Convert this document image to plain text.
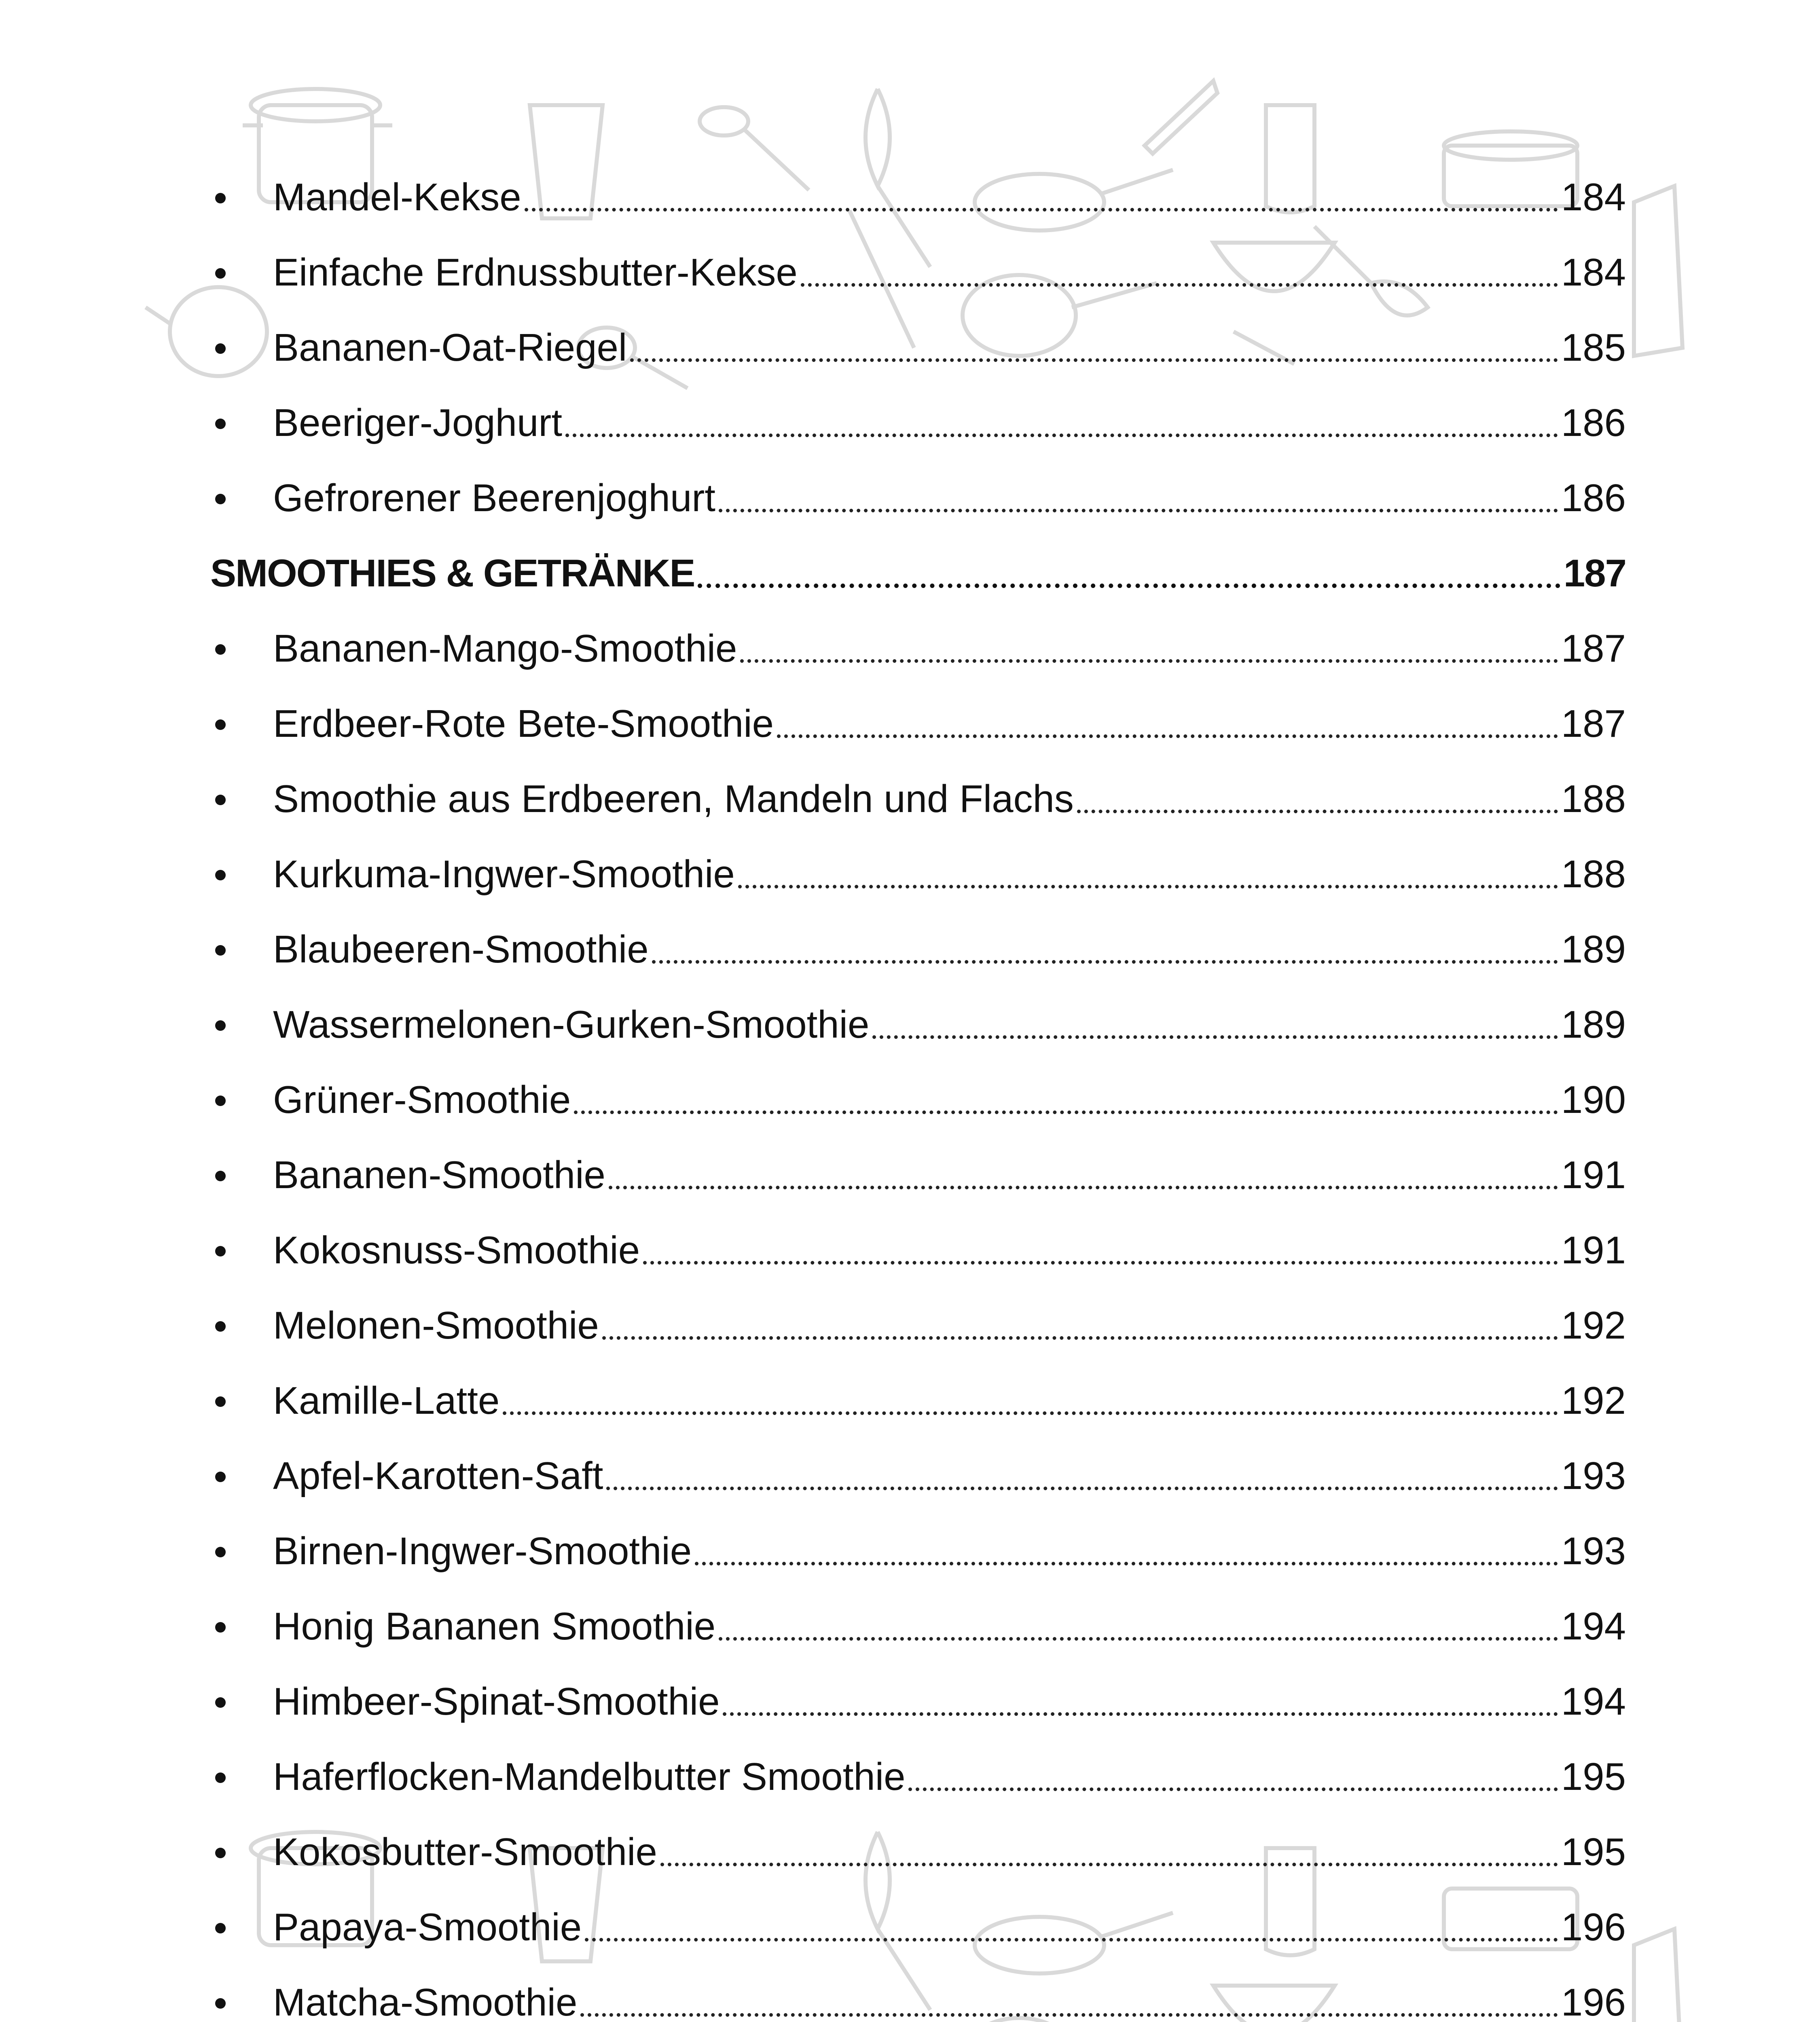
Mandel-Kekse	184
Einfache Erdnussbutter-Kekse	184
Bananen-Oat-Riegel	185
Beeriger-Joghurt	186
Gefrorener Beerenjoghurt	186
SMOOTHIES & GETRÄNKE	187
Bananen-Mango-Smoothie	187
Erdbeer-Rote Bete-Smoothie	187
Smoothie aus Erdbeeren, Mandeln und Flachs	188
Kurkuma-Ingwer-Smoothie	188
Blaubeeren-Smoothie	189
Wassermelonen-Gurken-Smoothie	189
Grüner-Smoothie	190
Bananen-Smoothie	191
Kokosnuss-Smoothie	191
Melonen-Smoothie	192
Kamille-Latte	192
Apfel-Karotten-Saft	193
Birnen-Ingwer-Smoothie	193
Honig Bananen Smoothie	194
Himbeer-Spinat-Smoothie	194
Haferflocken-Mandelbutter Smoothie	195
Kokosbutter-Smoothie	195
Papaya-Smoothie	196
Matcha-Smoothie	196
